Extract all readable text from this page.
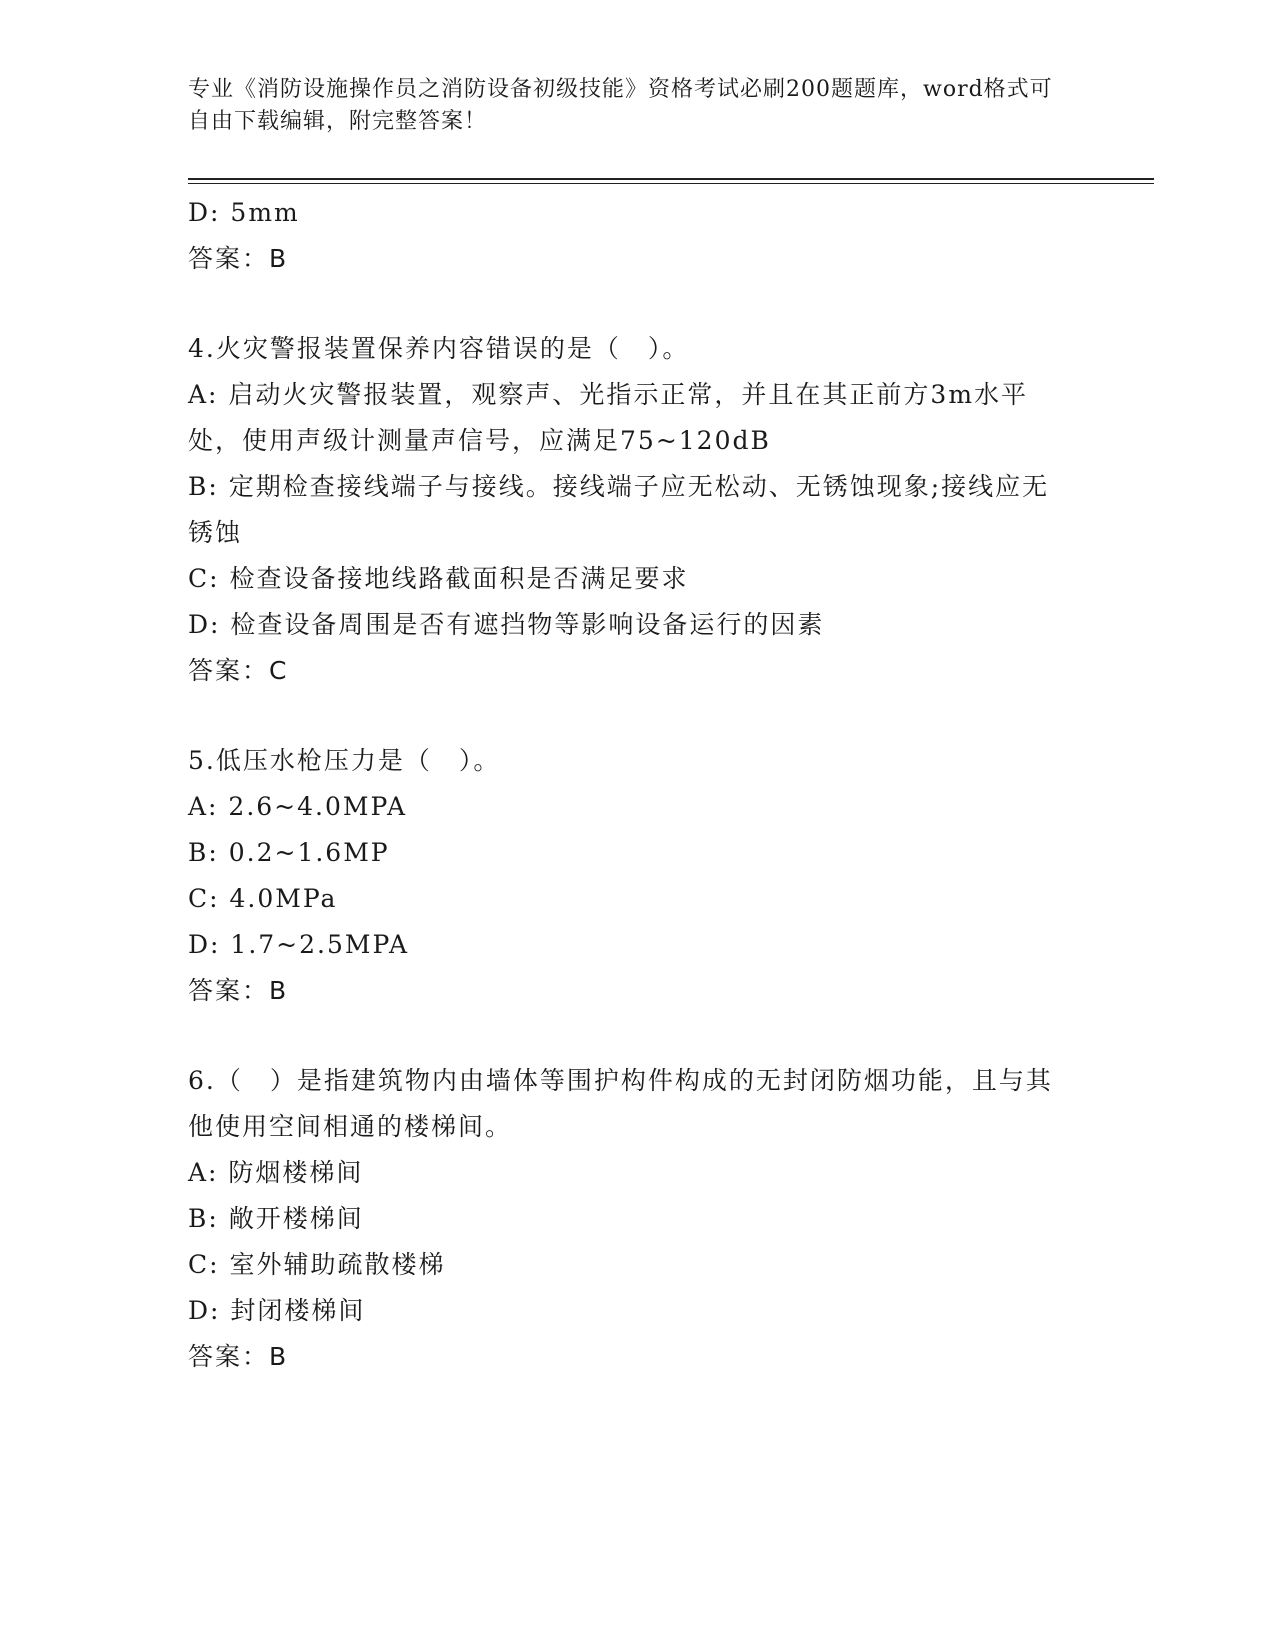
专业《消防设施操作员之消防设备初级技能》资格考试必刷200题题库，word格式可自由下载编辑，附完整答案！
D: 5mm
答案：B
4.火灾警报装置保养内容错误的是（　）。
A: 启动火灾警报装置，观察声、光指示正常，并且在其正前方3m水平处，使用声级计测量声信号，应满足75~120dB
B: 定期检查接线端子与接线。接线端子应无松动、无锈蚀现象;接线应无锈蚀
C: 检查设备接地线路截面积是否满足要求
D: 检查设备周围是否有遮挡物等影响设备运行的因素
答案：C
5.低压水枪压力是（　）。
A: 2.6~4.0MPA
B: 0.2~1.6MP
C: 4.0MPa
D: 1.7~2.5MPA
答案：B
6.（　）是指建筑物内由墙体等围护构件构成的无封闭防烟功能，且与其他使用空间相通的楼梯间。
A: 防烟楼梯间
B: 敞开楼梯间
C: 室外辅助疏散楼梯
D: 封闭楼梯间
答案：B
